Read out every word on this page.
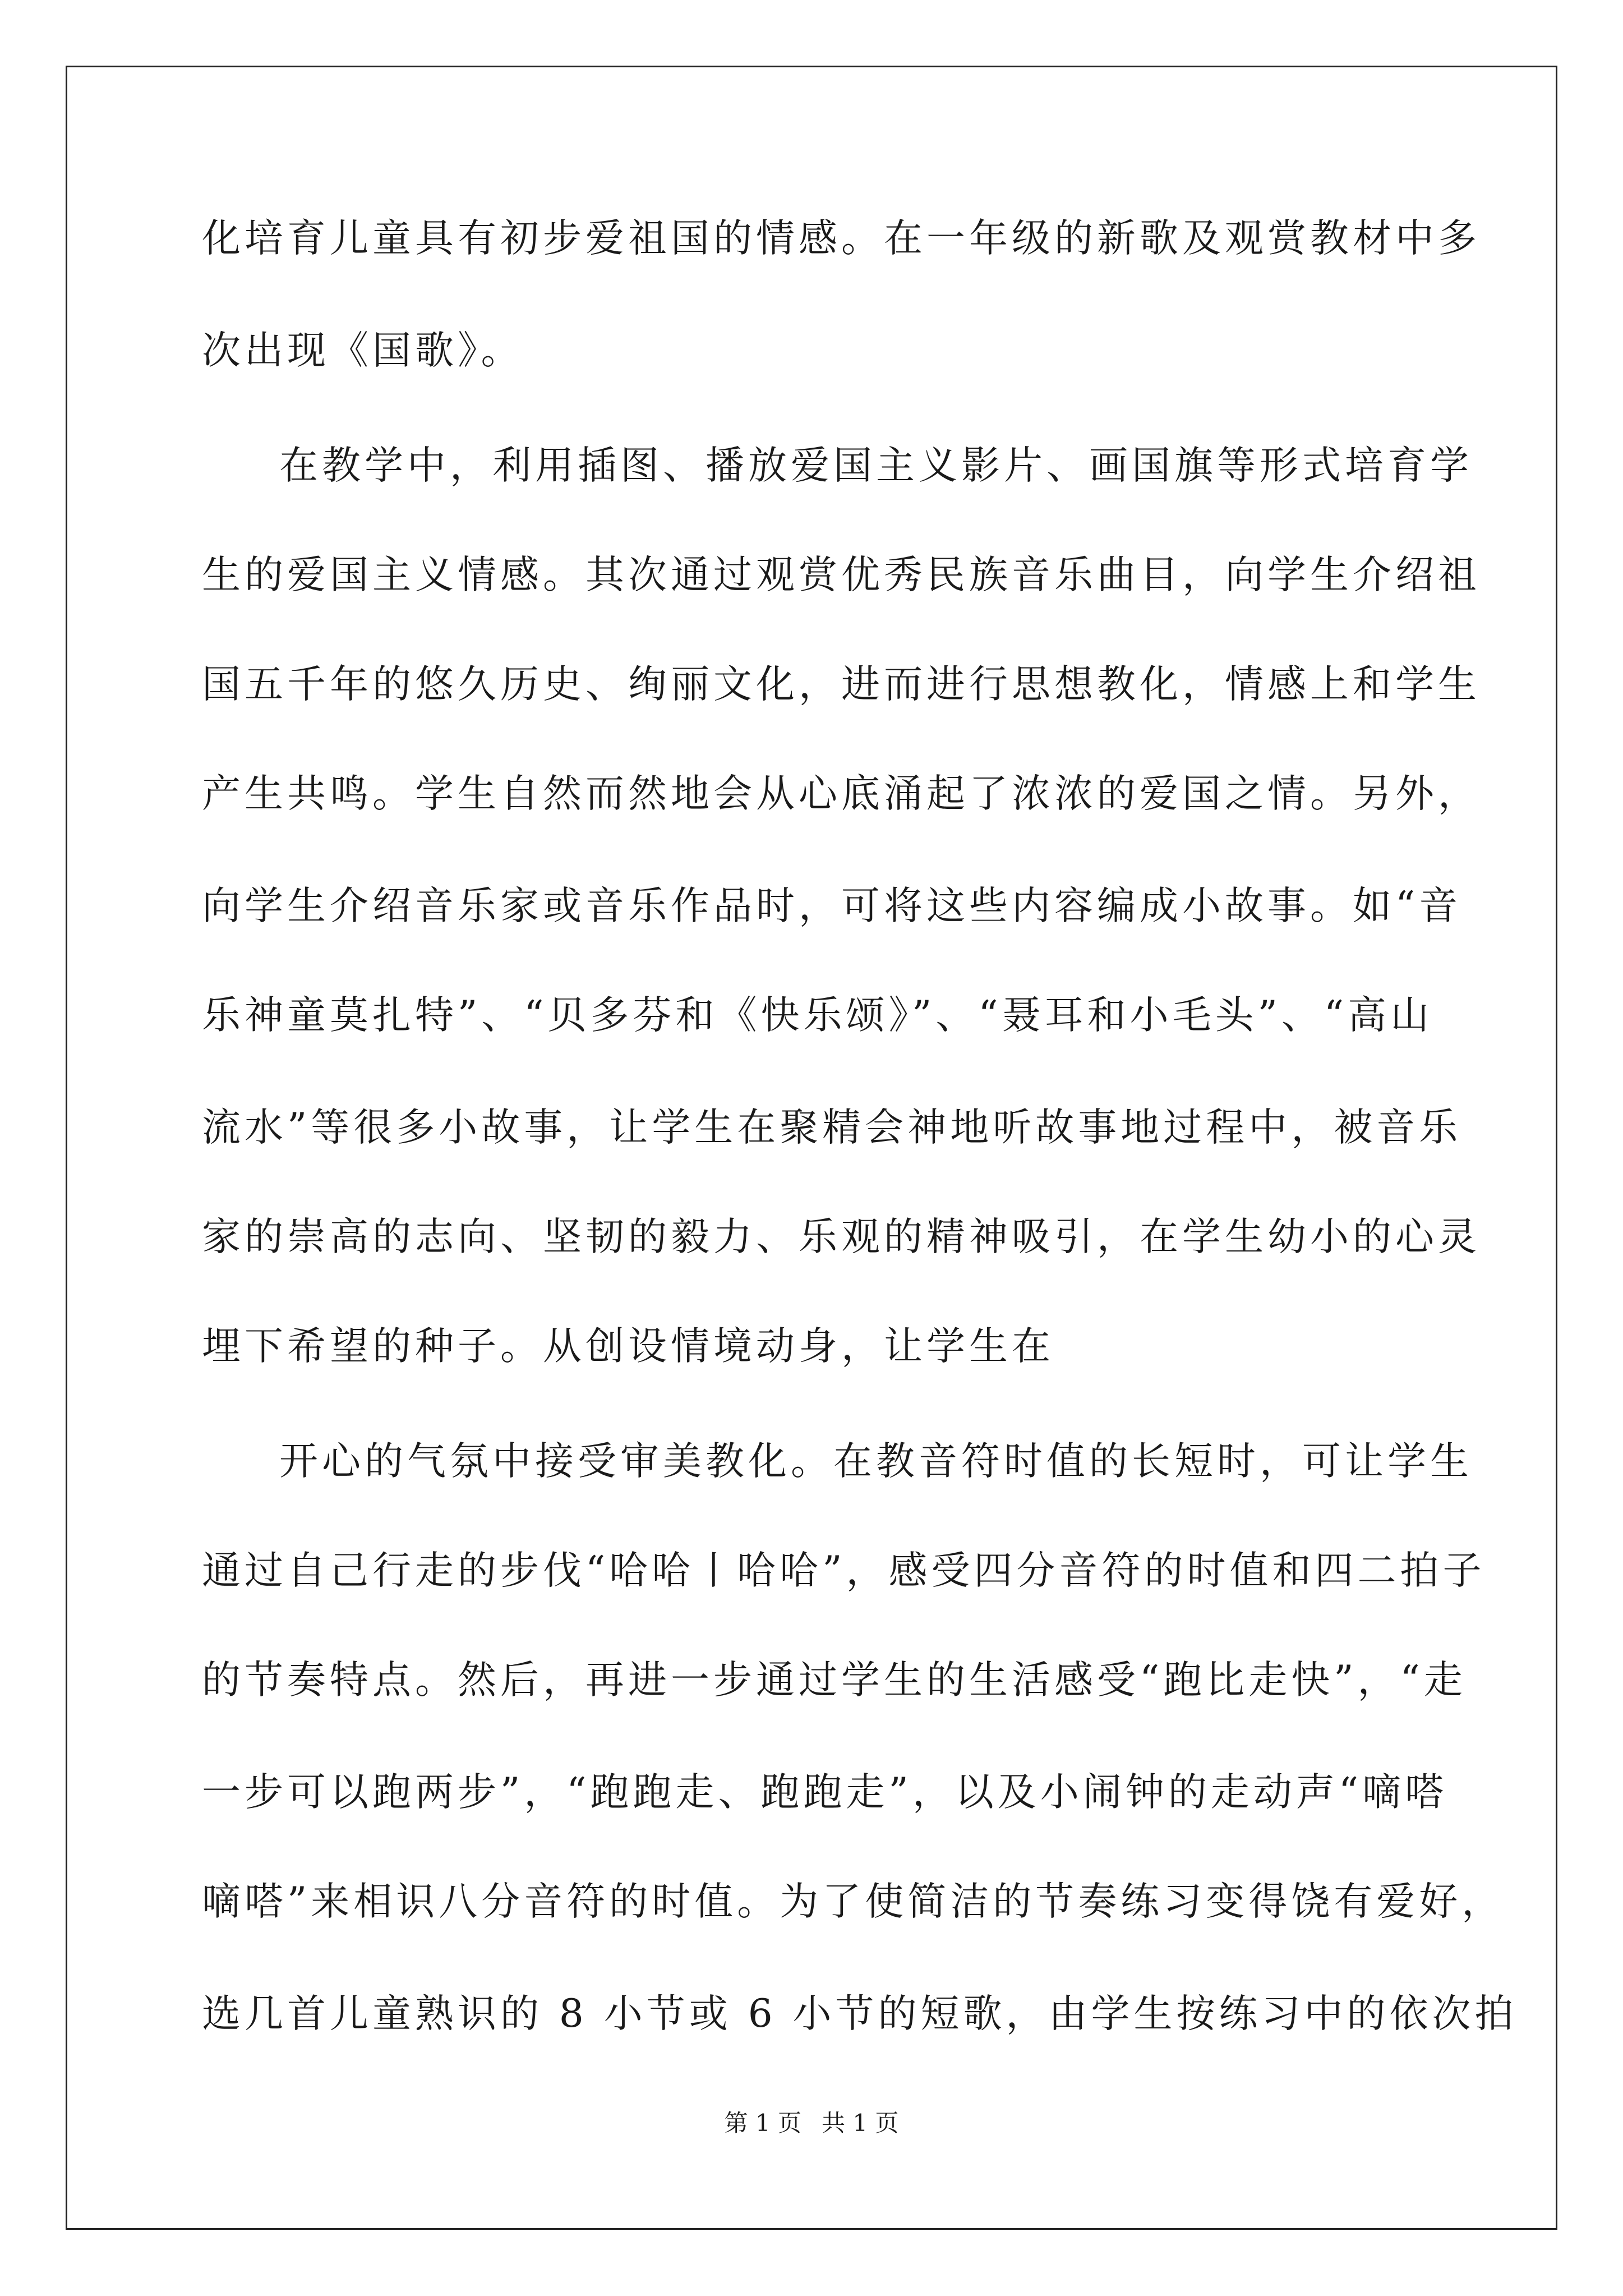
化培育儿童具有初步爱祖国的情感。在一年级的新歌及观赏教材中多
次出现《国歌》。
在教学中，利用插图、播放爱国主义影片、画国旗等形式培育学
生的爱国主义情感。其次通过观赏优秀民族音乐曲目，向学生介绍祖
国五千年的悠久历史、绚丽文化，进而进行思想教化，情感上和学生
产生共鸣。学生自然而然地会从心底涌起了浓浓的爱国之情。另外，
向学生介绍音乐家或音乐作品时，可将这些内容编成小故事。如“音
乐神童莫扎特”、“贝多芬和《快乐颂》”、“聂耳和小毛头”、“高山
流水”等很多小故事，让学生在聚精会神地听故事地过程中，被音乐
家的崇高的志向、坚韧的毅力、乐观的精神吸引，在学生幼小的心灵
埋下希望的种子。从创设情境动身，让学生在
开心的气氛中接受审美教化。在教音符时值的长短时，可让学生
通过自己行走的步伐“哈哈丨哈哈”，感受四分音符的时值和四二拍子
的节奏特点。然后，再进一步通过学生的生活感受“跑比走快”，“走
一步可以跑两步”，“跑跑走、跑跑走”，以及小闹钟的走动声“嘀嗒
嘀嗒”来相识八分音符的时值。为了使简洁的节奏练习变得饶有爱好，
选几首儿童熟识的 8 小节或 6 小节的短歌，由学生按练习中的依次拍
第 1 页 共 1 页
